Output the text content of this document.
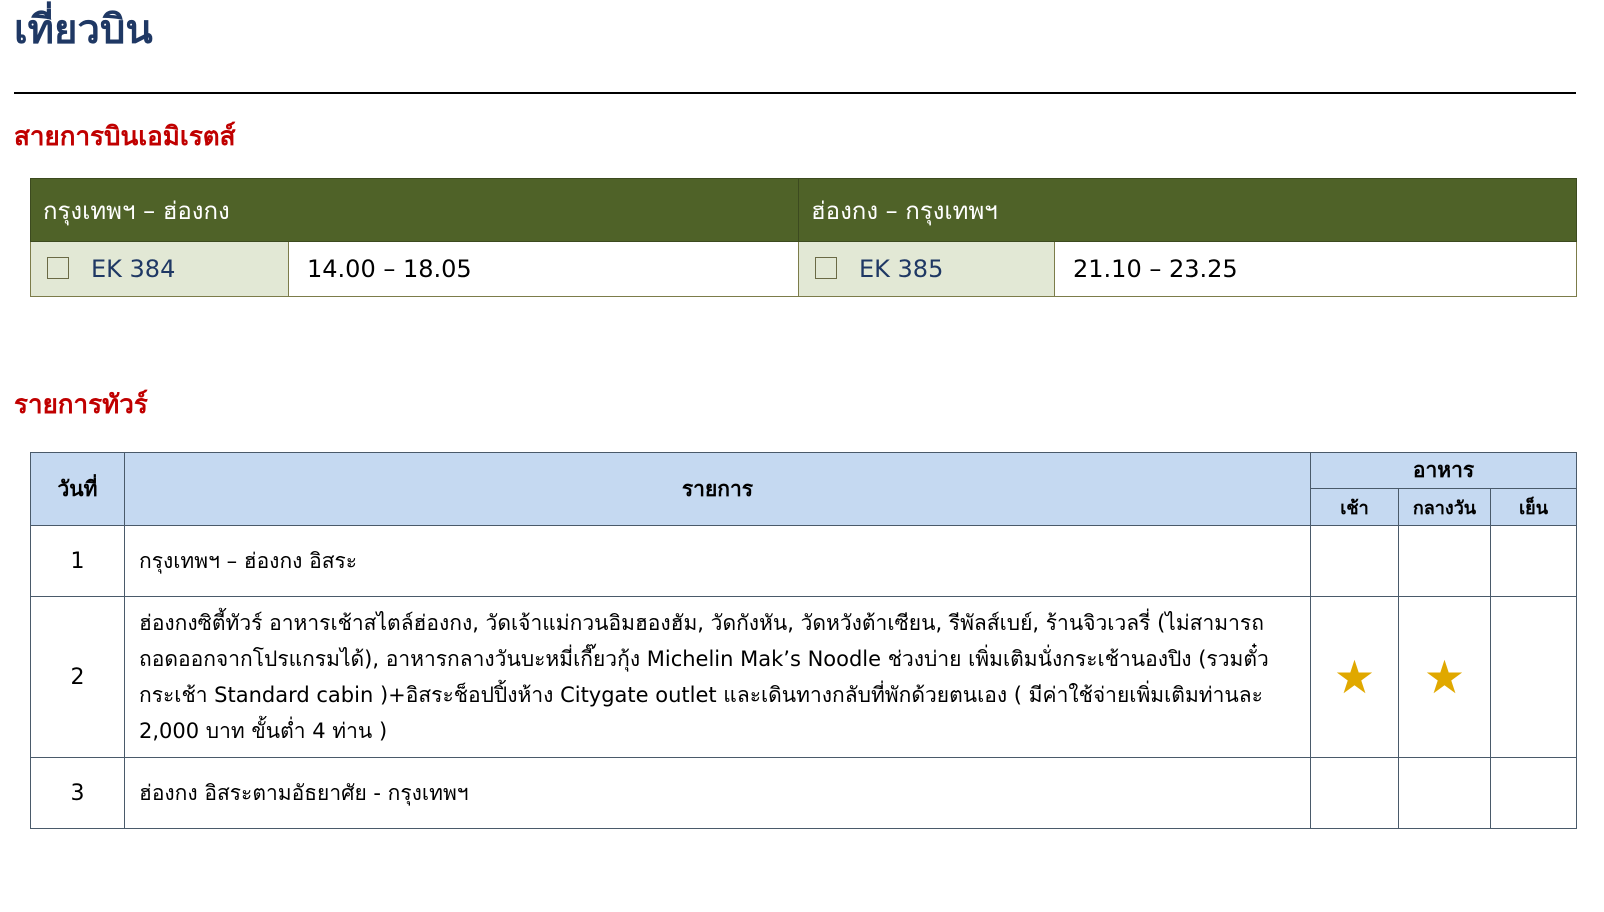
เที่ยวบิน
สายการบินเอมิเรตส์
กรุงเทพฯ – ฮ่องกง		ฮ่องกง – กรุงเทพฯ	
EK 384	14.00 – 18.05	EK 385	21.10 – 23.25
รายการทัวร์
วันที่	รายการ	อาหาร		
		เช้า	กลางวัน	เย็น
1	กรุงเทพฯ – ฮ่องกง อิสระ			
2	ฮ่องกงซิตี้ทัวร์ อาหารเช้าสไตล์ฮ่องกง, วัดเจ้าแม่กวนอิมฮองฮัม, วัดกังหัน, วัดหวังต้าเซียน, รีพัลส์เบย์, ร้านจิวเวลรี่ (ไม่สามารถถอดออกจากโปรแกรมได้), อาหารกลางวันบะหมี่เกี๊ยวกุ้ง Michelin Mak’s Noodle ช่วงบ่าย เพิ่มเติมนั่งกระเช้านองปิง (รวมตั๋วกระเช้า Standard cabin )+อิสระช็อปปิ้งห้าง Citygate outlet และเดินทางกลับที่พักด้วยตนเอง ( มีค่าใช้จ่ายเพิ่มเติมท่านละ 2,000 บาท ขั้นต่ำ 4 ท่าน )	★	★	
3	ฮ่องกง อิสระตามอัธยาศัย - กรุงเทพฯ			
